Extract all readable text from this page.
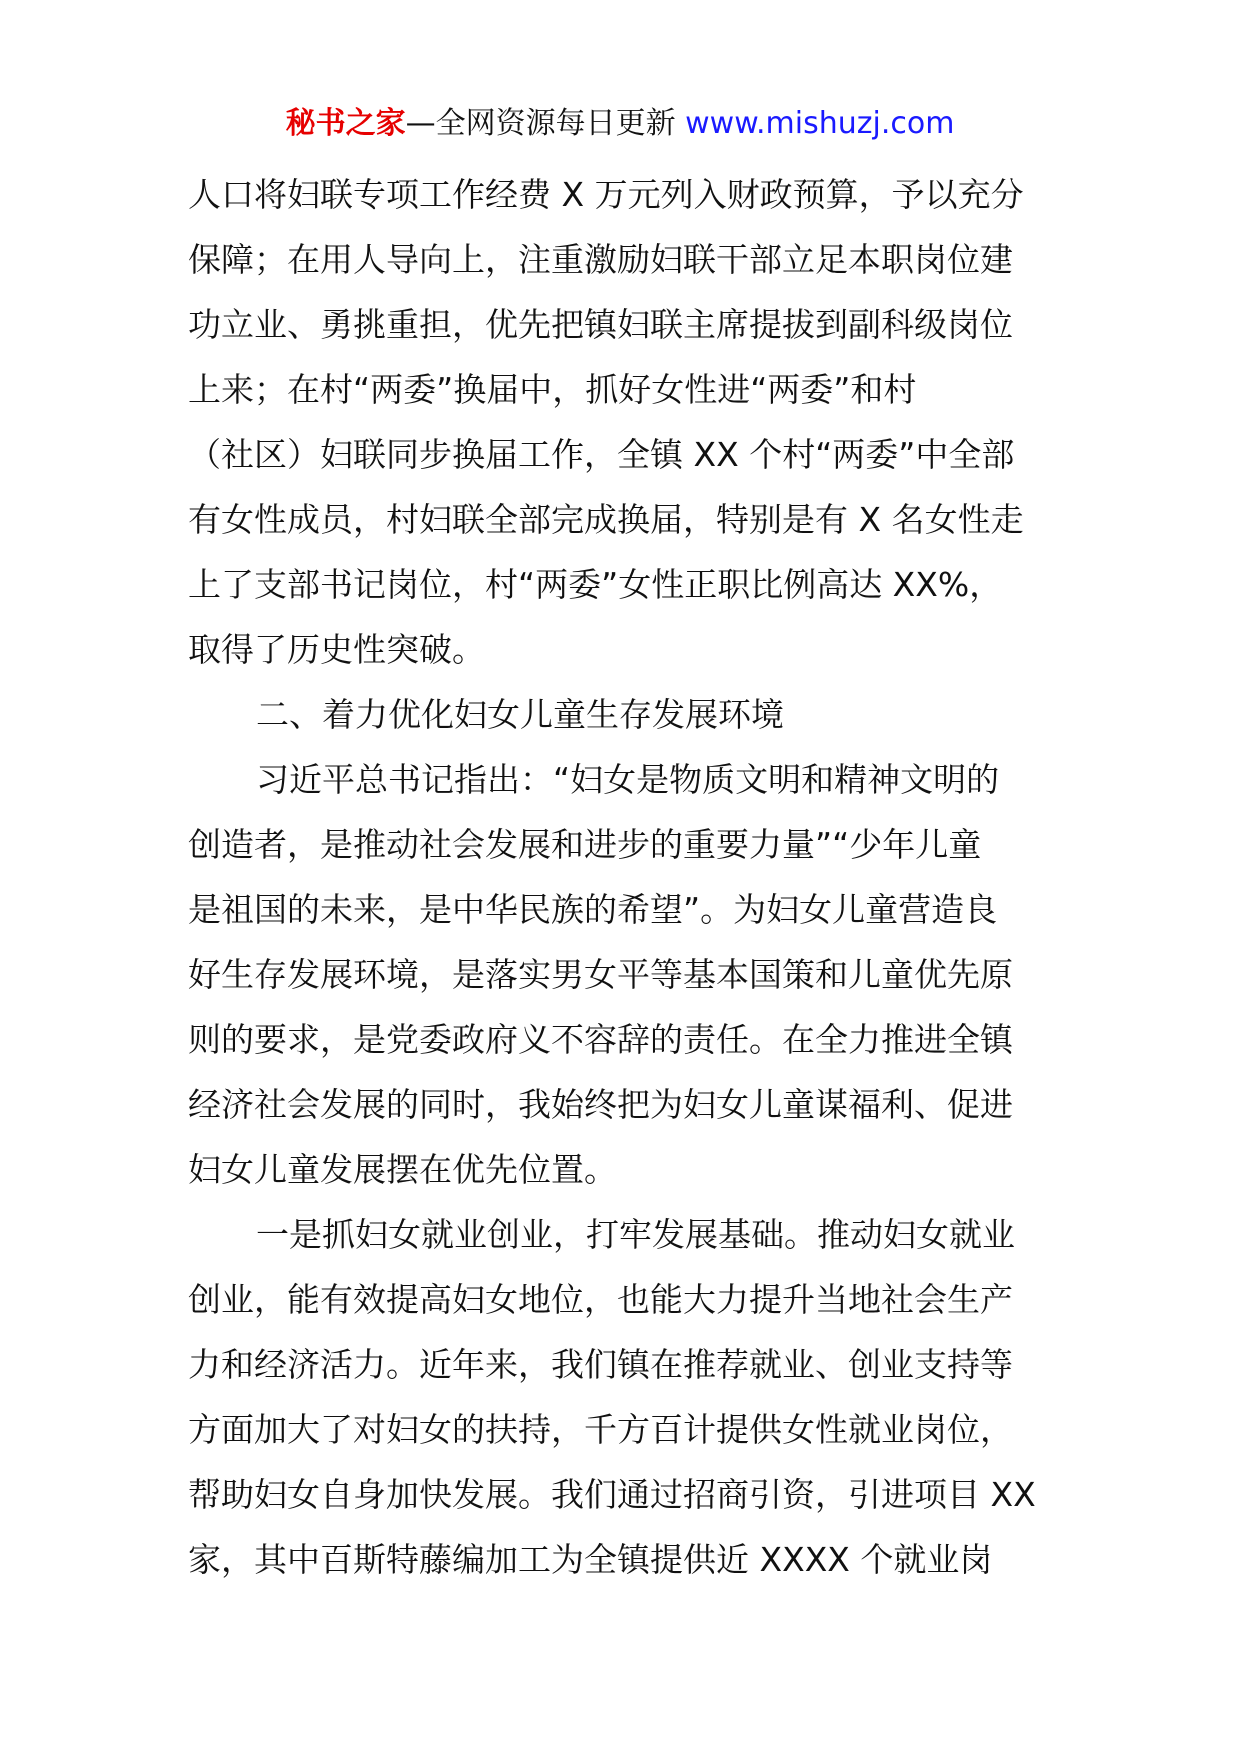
秘书之家—全网资源每日更新 www.mishuzj.com
人口将妇联专项工作经费 X 万元列入财政预算，予以充分
保障；在用人导向上，注重激励妇联干部立足本职岗位建
功立业、勇挑重担，优先把镇妇联主席提拔到副科级岗位
上来；在村“两委”换届中，抓好女性进“两委”和村
（社区）妇联同步换届工作，全镇 XX 个村“两委”中全部
有女性成员，村妇联全部完成换届，特别是有 X 名女性走
上了支部书记岗位，村“两委”女性正职比例高达 XX%，
取得了历史性突破。
二、着力优化妇女儿童生存发展环境
习近平总书记指出：“妇女是物质文明和精神文明的
创造者，是推动社会发展和进步的重要力量”“少年儿童
是祖国的未来，是中华民族的希望”。为妇女儿童营造良
好生存发展环境，是落实男女平等基本国策和儿童优先原
则的要求，是党委政府义不容辞的责任。在全力推进全镇
经济社会发展的同时，我始终把为妇女儿童谋福利、促进
妇女儿童发展摆在优先位置。
一是抓妇女就业创业，打牢发展基础。推动妇女就业
创业，能有效提高妇女地位，也能大力提升当地社会生产
力和经济活力。近年来，我们镇在推荐就业、创业支持等
方面加大了对妇女的扶持，千方百计提供女性就业岗位，
帮助妇女自身加快发展。我们通过招商引资，引进项目 XX
家，其中百斯特藤编加工为全镇提供近 XXXX 个就业岗
